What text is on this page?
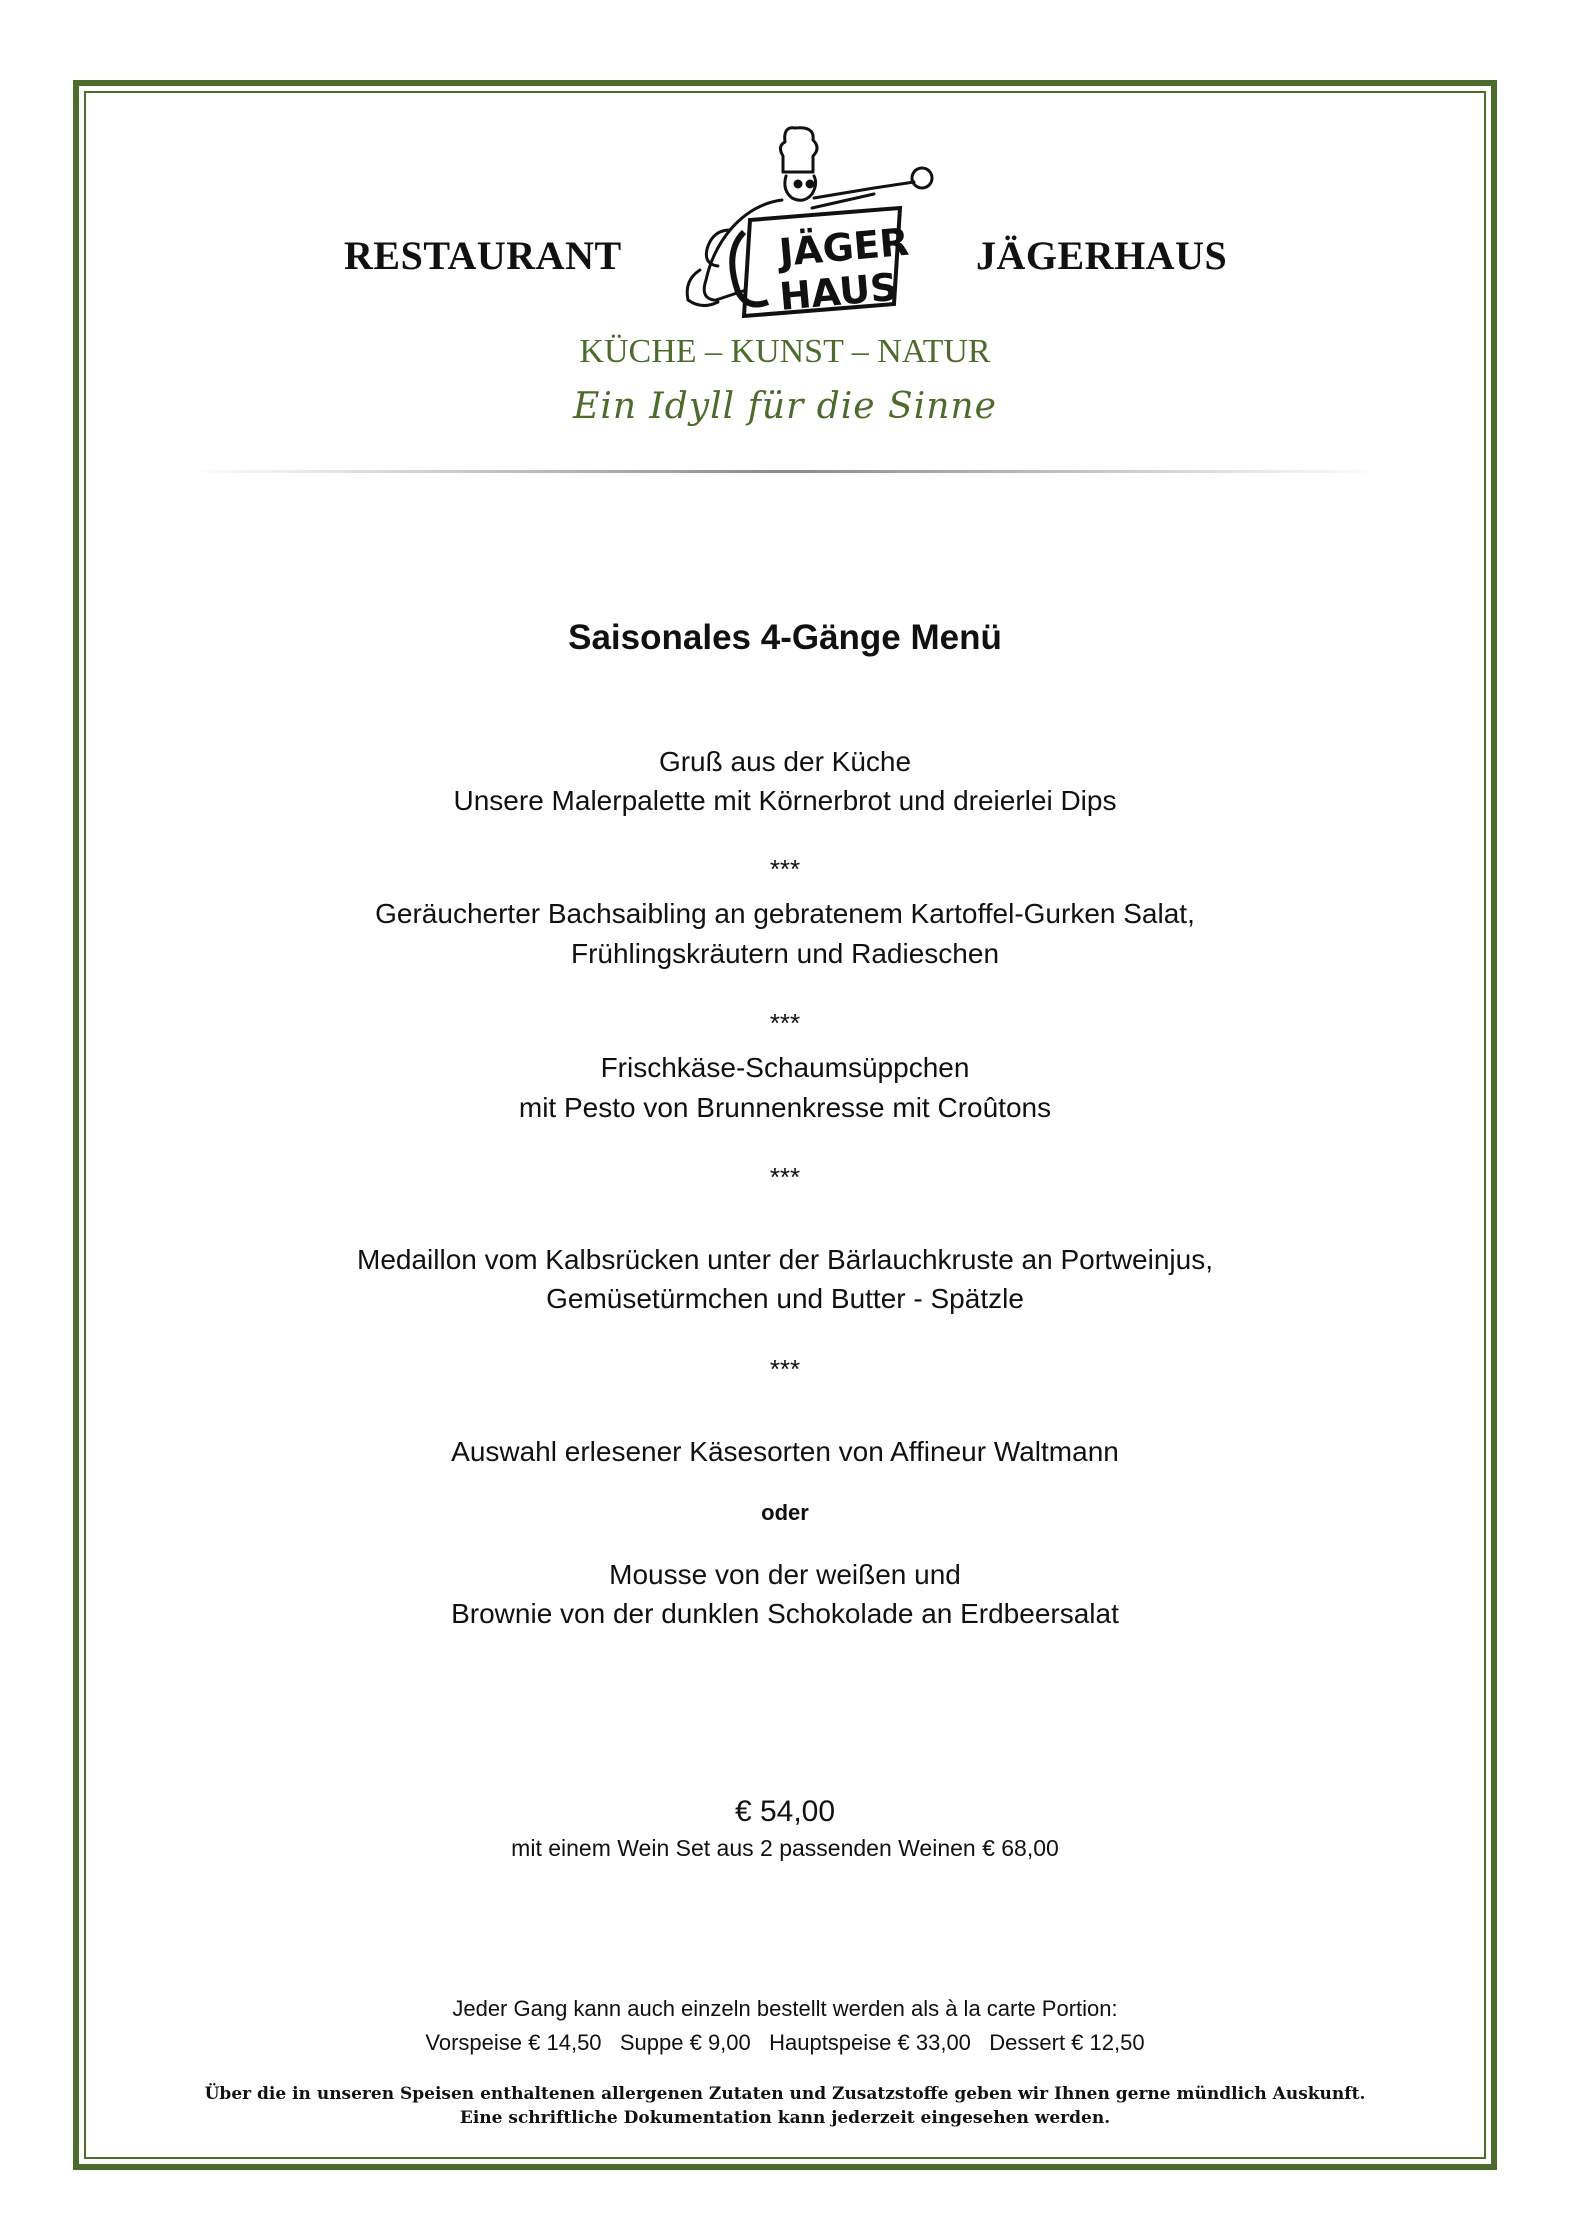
RESTAURANT	JÄGER
HAUS
JÄGERHAUS
KÜCHE – KUNST – NATUR
Ein Idyll für die Sinne
Saisonales 4-Gänge Menü
Gruß aus der Küche
Unsere Malerpalette mit Körnerbrot und dreierlei Dips
***
Geräucherter Bachsaibling an gebratenem Kartoffel-Gurken Salat,
Frühlingskräutern und Radieschen
***
Frischkäse-Schaumsüppchen
mit Pesto von Brunnenkresse mit Croûtons
***
Medaillon vom Kalbsrücken unter der Bärlauchkruste an Portweinjus,
Gemüsetürmchen und Butter - Spätzle
***
Auswahl erlesener Käsesorten von Affineur Waltmann
oder
Mousse von der weißen und
Brownie von der dunklen Schokolade an Erdbeersalat
€ 54,00
mit einem Wein Set aus 2 passenden Weinen € 68,00
Jeder Gang kann auch einzeln bestellt werden als à la carte Portion:
Vorspeise € 14,50   Suppe € 9,00   Hauptspeise € 33,00   Dessert € 12,50
Über die in unseren Speisen enthaltenen allergenen Zutaten und Zusatzstoffe geben wir Ihnen gerne mündlich Auskunft.
Eine schriftliche Dokumentation kann jederzeit eingesehen werden.
